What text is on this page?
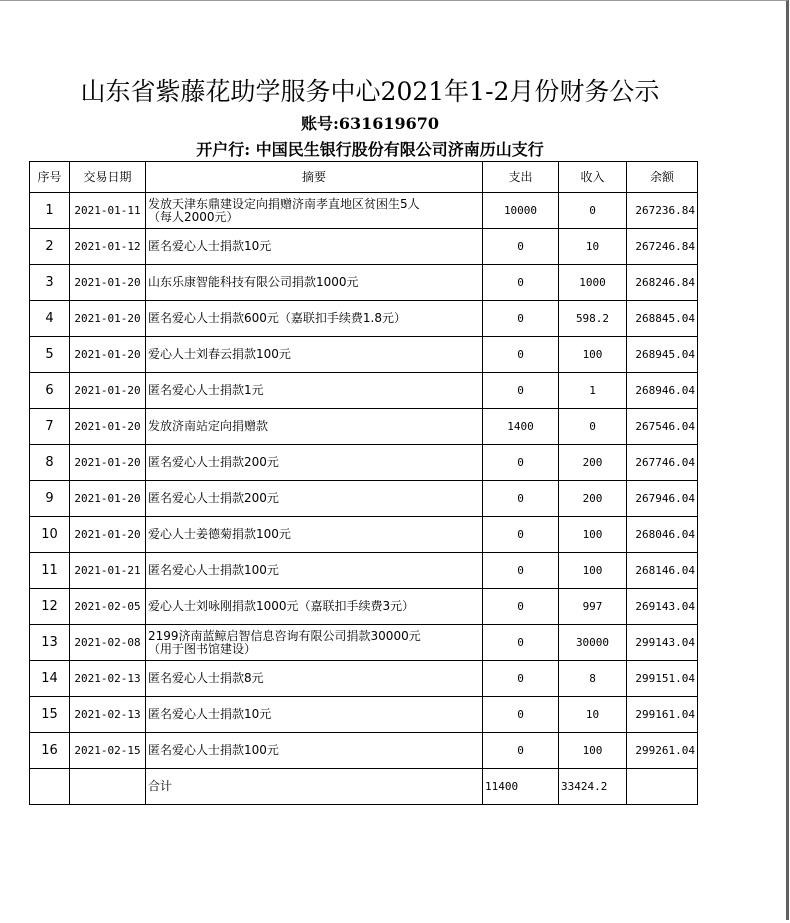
山东省紫藤花助学服务中心2021年1-2月份财务公示
账号:631619670
开户行: 中国民生银行股份有限公司济南历山支行
序号	交易日期	摘要	支出	收入	余额
1	2021-01-11	发放天津东鼎建设定向捐赠济南孝直地区贫困生5人
（每人2000元）	10000	0	267236.84
2	2021-01-12	匿名爱心人士捐款10元	0	10	267246.84
3	2021-01-20	山东乐康智能科技有限公司捐款1000元	0	1000	268246.84
4	2021-01-20	匿名爱心人士捐款600元（嘉联扣手续费1.8元）	0	598.2	268845.04
5	2021-01-20	爱心人士刘春云捐款100元	0	100	268945.04
6	2021-01-20	匿名爱心人士捐款1元	0	1	268946.04
7	2021-01-20	发放济南站定向捐赠款	1400	0	267546.04
8	2021-01-20	匿名爱心人士捐款200元	0	200	267746.04
9	2021-01-20	匿名爱心人士捐款200元	0	200	267946.04
10	2021-01-20	爱心人士姜德菊捐款100元	0	100	268046.04
11	2021-01-21	匿名爱心人士捐款100元	0	100	268146.04
12	2021-02-05	爱心人士刘咏刚捐款1000元（嘉联扣手续费3元）	0	997	269143.04
13	2021-02-08	2199济南蓝鲸启智信息咨询有限公司捐款30000元
（用于图书馆建设）	0	30000	299143.04
14	2021-02-13	匿名爱心人士捐款8元	0	8	299151.04
15	2021-02-13	匿名爱心人士捐款10元	0	10	299161.04
16	2021-02-15	匿名爱心人士捐款100元	0	100	299261.04
		合计	11400	33424.2	
